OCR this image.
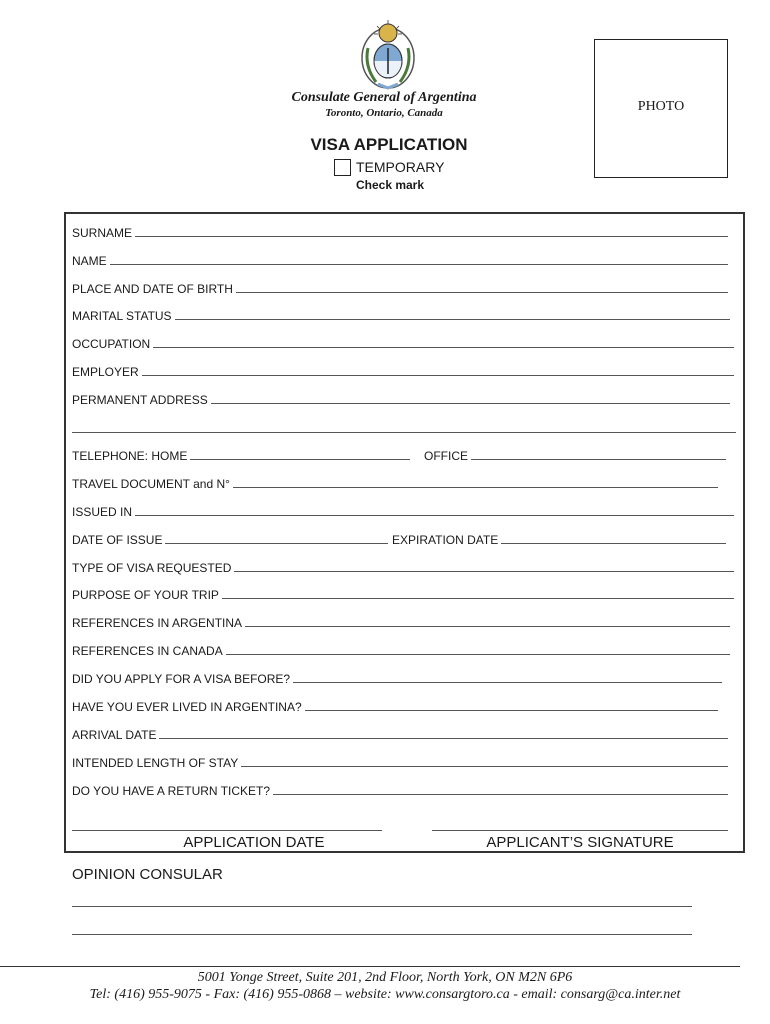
Consulate General of Argentina
Toronto, Ontario, Canada	PHOTO
VISA APPLICATION
TEMPORARY
Check mark
SURNAME
NAME
PLACE AND DATE OF BIRTH
MARITAL STATUS
OCCUPATION
EMPLOYER
PERMANENT ADDRESS
TELEPHONE: HOME	OFFICE
TRAVEL DOCUMENT and N°
ISSUED IN
DATE OF ISSUE	EXPIRATION DATE
TYPE OF VISA REQUESTED
PURPOSE OF YOUR TRIP
REFERENCES IN ARGENTINA
REFERENCES IN CANADA
DID YOU APPLY FOR A VISA BEFORE?
HAVE YOU EVER LIVED IN ARGENTINA?
ARRIVAL DATE
INTENDED LENGTH OF STAY
DO YOU HAVE A RETURN TICKET?
APPLICATION DATE	APPLICANT’S SIGNATURE
OPINION CONSULAR
5001 Yonge Street, Suite 201, 2nd Floor, North York, ON M2N 6P6
Tel: (416) 955-9075 - Fax: (416) 955-0868 – website: www.consargtoro.ca - email: consarg@ca.inter.net
